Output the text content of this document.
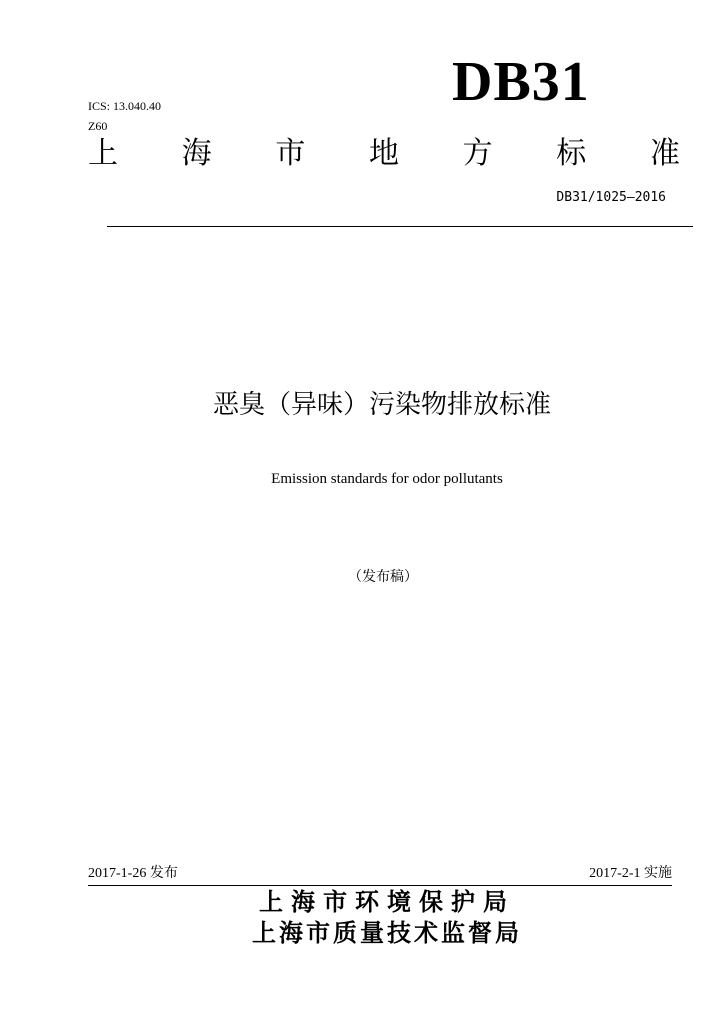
ICS: 13.040.40
Z60
DB31
上 海 市 地 方 标 准
DB31/1025—2016
恶臭（异味）污染物排放标准
Emission standards for odor pollutants
（发布稿）
2017-1-26 发布	2017-2-1 实施
上海市环境保护局
上海市质量技术监督局
